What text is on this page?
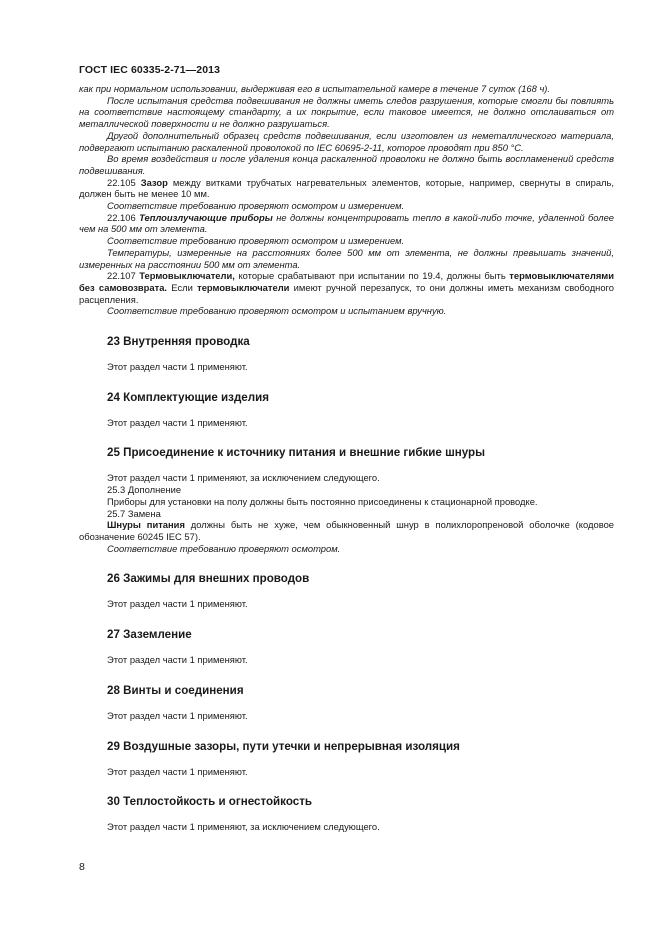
ГОСТ IEC 60335-2-71—2013

как при нормальном использовании, выдерживая его в испытательной камере в течение 7 суток (168 ч).

После испытания средства подвешивания не должны иметь следов разрушения, которые смогли бы повлиять на соответствие настоящему стандарту, а их покрытие, если таковое имеется, не должно отслаиваться от металлической поверхности и не должно разрушаться.

Другой дополнительный образец средств подвешивания, если изготовлен из неметаллического материала, подвергают испытанию раскаленной проволокой по IEC 60695-2-11, которое проводят при 850 °С.

Во время воздействия и после удаления конца раскаленной проволоки не должно быть воспламенений средств подвешивания.

22.105 Зазор между витками трубчатых нагревательных элементов, которые, например, свернуты в спираль, должен быть не менее 10 мм.

Соответствие требованию проверяют осмотром и измерением.

22.106 Теплоизлучающие приборы не должны концентрировать тепло в какой-либо точке, удаленной более чем на 500 мм от элемента.

Соответствие требованию проверяют осмотром и измерением.

Температуры, измеренные на расстояниях более 500 мм от элемента, не должны превышать значений, измеренных на расстоянии 500 мм от элемента.

22.107 Термовыключатели, которые срабатывают при испытании по 19.4, должны быть термовыключателями без самовозврата. Если термовыключатели имеют ручной перезапуск, то они должны иметь механизм свободного расцепления.

Соответствие требованию проверяют осмотром и испытанием вручную.

23 Внутренняя проводка

Этот раздел части 1 применяют.

24 Комплектующие изделия

Этот раздел части 1 применяют.

25 Присоединение к источнику питания и внешние гибкие шнуры

Этот раздел части 1 применяют, за исключением следующего.

25.3 Дополнение

Приборы для установки на полу должны быть постоянно присоединены к стационарной проводке.

25.7 Замена

Шнуры питания должны быть не хуже, чем обыкновенный шнур в полихлоропреновой оболочке (кодовое обозначение 60245 IEC 57).

Соответствие требованию проверяют осмотром.

26 Зажимы для внешних проводов

Этот раздел части 1 применяют.

27 Заземление

Этот раздел части 1 применяют.

28 Винты и соединения

Этот раздел части 1 применяют.

29 Воздушные зазоры, пути утечки и непрерывная изоляция

Этот раздел части 1 применяют.

30 Теплостойкость и огнестойкость

Этот раздел части 1 применяют, за исключением следующего.

8
